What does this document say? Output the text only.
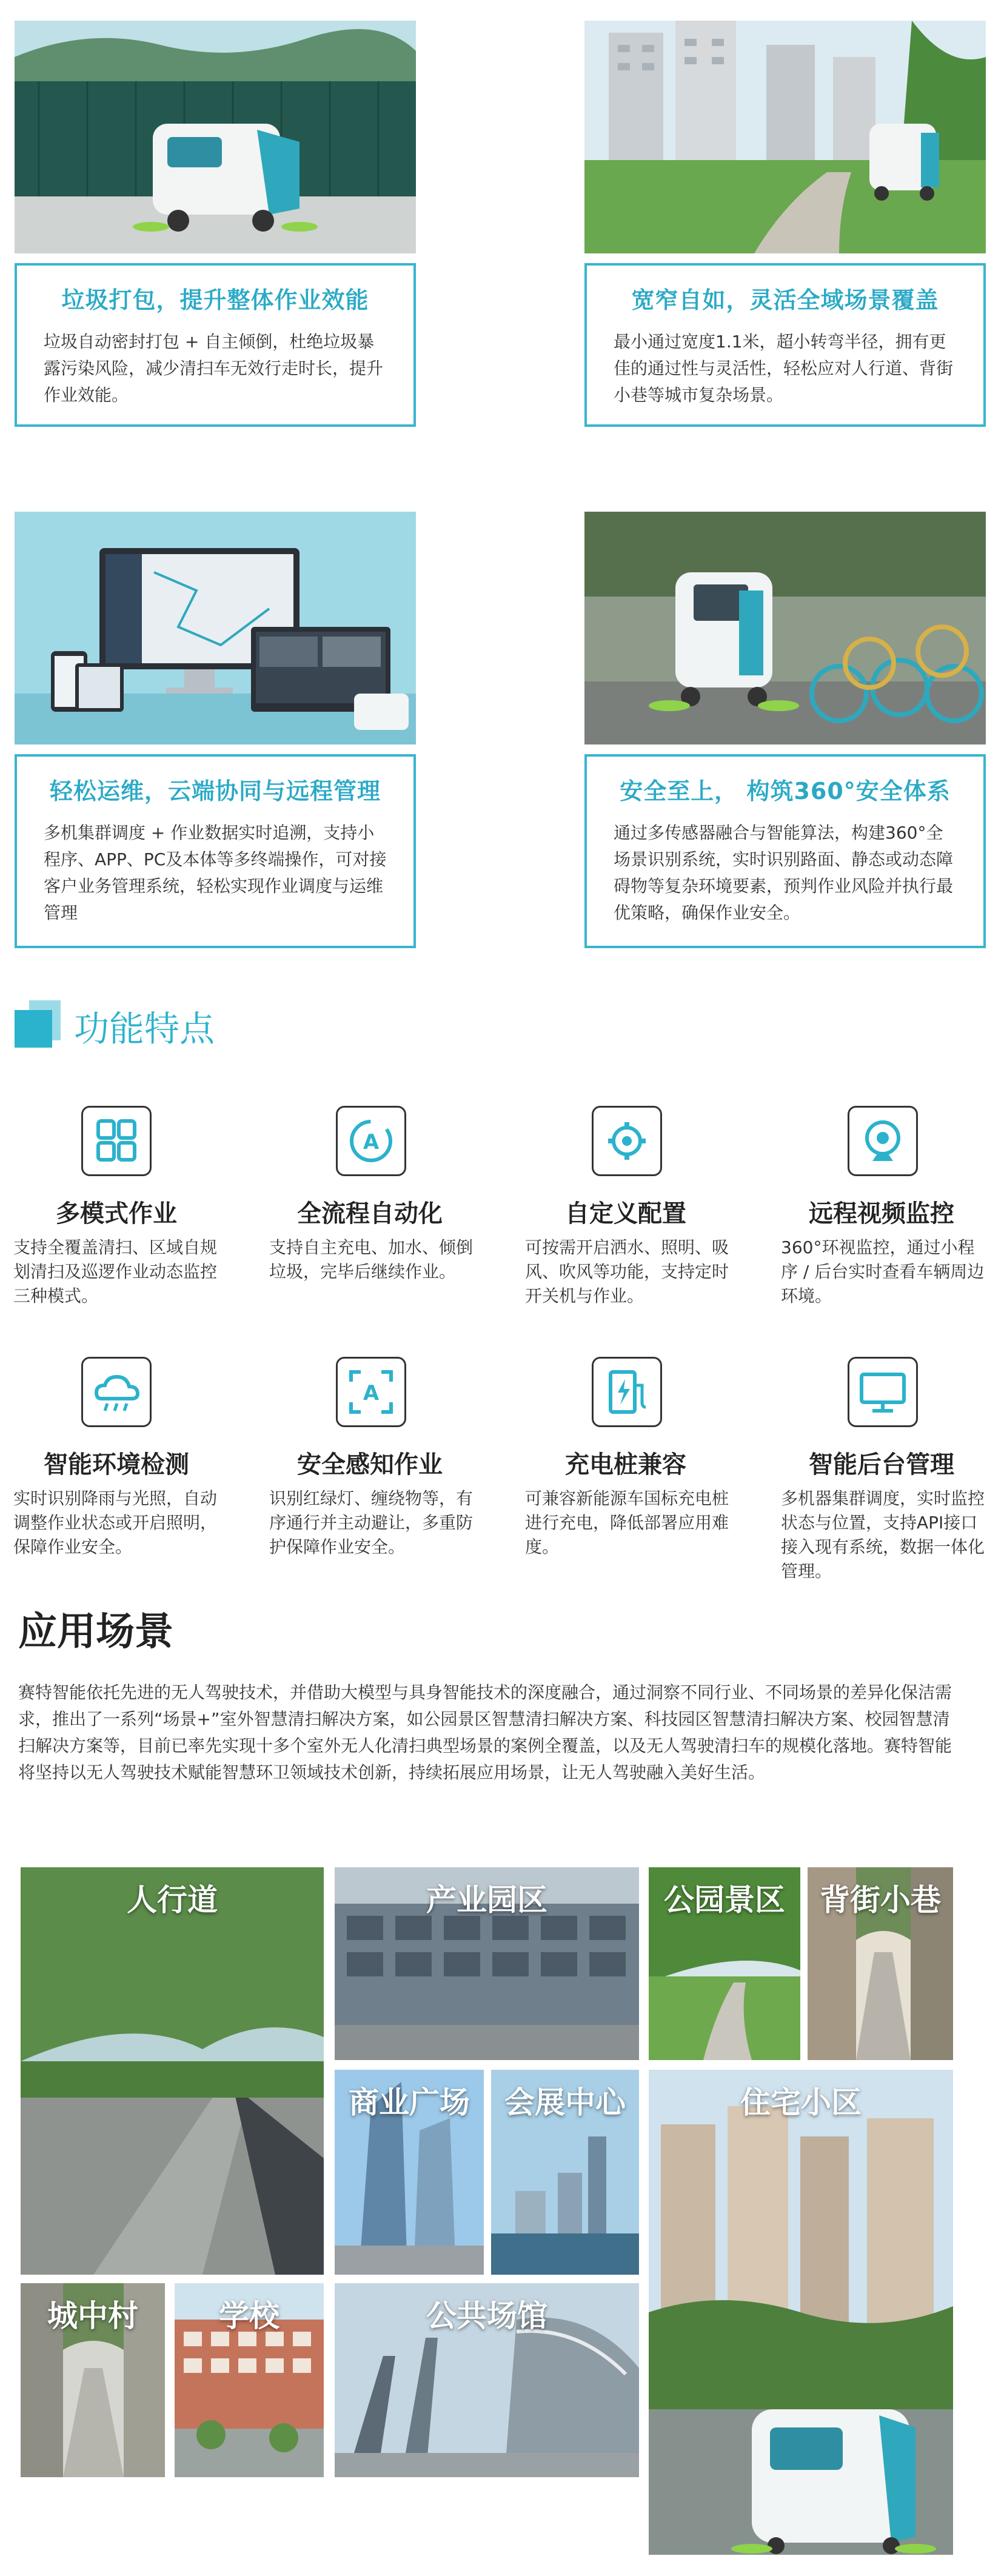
垃圾打包，提升整体作业效能
垃圾自动密封打包 + 自主倾倒，杜绝垃圾暴露污染风险，减少清扫车无效行走时长，提升作业效能。
宽窄自如，灵活全域场景覆盖
最小通过宽度1.1米，超小转弯半径，拥有更佳的通过性与灵活性，轻松应对人行道、背街小巷等城市复杂场景。
轻松运维，云端协同与远程管理
多机集群调度 + 作业数据实时追溯，支持小程序、APP、PC及本体等多终端操作，可对接客户业务管理系统，轻松实现作业调度与运维管理
安全至上， 构筑360°安全体系
通过多传感器融合与智能算法，构建360°全场景识别系统，实时识别路面、静态或动态障碍物等复杂环境要素，预判作业风险并执行最优策略，确保作业安全。
功能特点
多模式作业
支持全覆盖清扫、区域自规划清扫及巡逻作业动态监控三种模式。
A
全流程自动化
支持自主充电、加水、倾倒垃圾，完毕后继续作业。
自定义配置
可按需开启洒水、照明、吸风、吹风等功能，支持定时开关机与作业。
远程视频监控
360°环视监控，通过小程序 / 后台实时查看车辆周边环境。
智能环境检测
实时识别降雨与光照，自动调整作业状态或开启照明，保障作业安全。
A
安全感知作业
识别红绿灯、缠绕物等，有序通行并主动避让，多重防护保障作业安全。
充电桩兼容
可兼容新能源车国标充电桩进行充电，降低部署应用难度。
智能后台管理
多机器集群调度，实时监控状态与位置，支持API接口接入现有系统，数据一体化管理。
应用场景
赛特智能依托先进的无人驾驶技术，并借助大模型与具身智能技术的深度融合，通过洞察不同行业、不同场景的差异化保洁需求，推出了一系列“场景+”室外智慧清扫解决方案，如公园景区智慧清扫解决方案、科技园区智慧清扫解决方案、校园智慧清扫解决方案等，目前已率先实现十多个室外无人化清扫典型场景的案例全覆盖，以及无人驾驶清扫车的规模化落地。赛特智能将坚持以无人驾驶技术赋能智慧环卫领域技术创新，持续拓展应用场景，让无人驾驶融入美好生活。
人行道	产业园区	公园景区	背街小巷
商业广场	会展中心	住宅小区
城中村	学校	公共场馆
